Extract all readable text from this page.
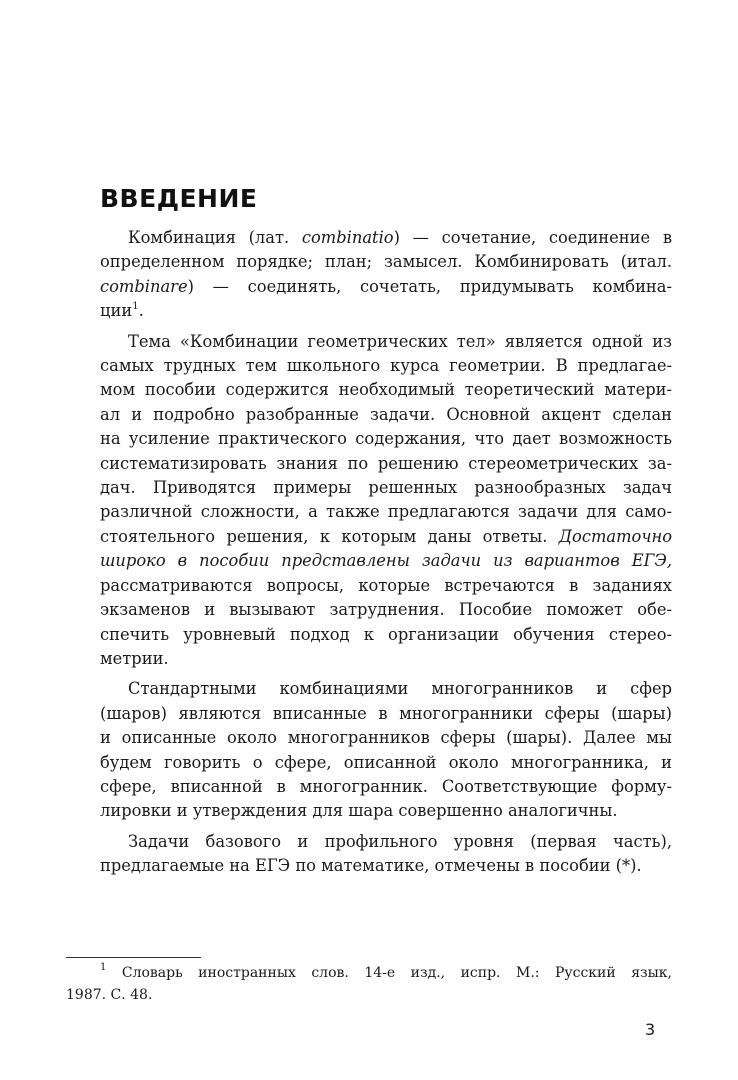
ВВЕДЕНИЕ
Комбинация (лат. combinatio) — сочетание, соединение в
определенном порядке; план; замысел. Комбинировать (итал.
combinare) — соединять, сочетать, придумывать комбина-
ции$^1$.
Тема «Комбинации геометрических тел» является одной из
самых трудных тем школьного курса геометрии. В предлагае-
мом пособии содержится необходимый теоретический матери-
ал и подробно разобранные задачи. Основной акцент сделан
на усиление практического содержания, что дает возможность
систематизировать знания по решению стереометрических за-
дач. Приводятся примеры решенных разнообразных задач
различной сложности, а также предлагаются задачи для само-
стоятельного решения, к которым даны ответы. Достаточно
широко в пособии представлены задачи из вариантов ЕГЭ,
рассматриваются вопросы, которые встречаются в заданиях
экзаменов и вызывают затруднения. Пособие поможет обе-
спечить уровневый подход к организации обучения стерео-
метрии.
Стандартными комбинациями многогранников и сфер
(шаров) являются вписанные в многогранники сферы (шары)
и описанные около многогранников сферы (шары). Далее мы
будем говорить о сфере, описанной около многогранника, и
сфере, вписанной в многогранник. Соответствующие форму-
лировки и утверждения для шара совершенно аналогичны.
Задачи базового и профильного уровня (первая часть),
предлагаемые на ЕГЭ по математике, отмечены в пособии (*).
$^1$ Словарь иностранных слов. 14-е изд., испр. М.: Русский язык,
1987. С. 48.
3
